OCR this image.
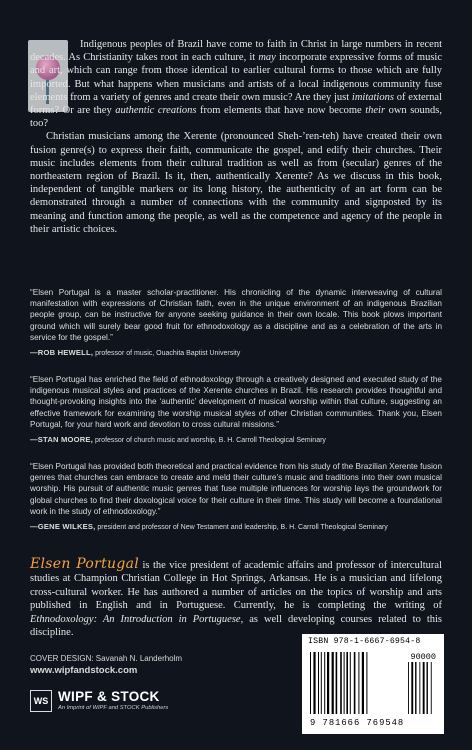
Indigenous peoples of Brazil have come to faith in Christ in large numbers in recent decades. As Christianity takes root in each culture, it may incorporate expressive forms of music and art, which can range from those identical to earlier cultural forms to those which are fully imported. But what happens when musicians and artists of a local indigenous community fuse elements from a variety of genres and create their own music? Are they just imitations of external forms? Or are they authentic creations from elements that have now become their own sounds, too?

Christian musicians among the Xerente (pronounced Sheh-’ren-teh) have created their own fusion genre(s) to express their faith, communicate the gospel, and edify their churches. Their music includes elements from their cultural tradition as well as from (secular) genres of the northeastern region of Brazil. Is it, then, authentically Xerente? As we discuss in this book, independent of tangible markers or its long history, the authenticity of an art form can be demonstrated through a number of connections with the community and signposted by its meaning and function among the people, as well as the competence and agency of the people in their artistic choices.

“Elsen Portugal is a master scholar-practitioner. His chronicling of the dynamic interweaving of cultural manifestation with expressions of Christian faith, even in the unique environment of an indigenous Brazilian people group, can be instructive for anyone seeking guidance in their own locale. This book plows important ground which will surely bear good fruit for ethnodoxology as a discipline and as a celebration of the arts in service for the gospel.”

—ROB HEWELL, professor of music, Ouachita Baptist University

“Elsen Portugal has enriched the field of ethnodoxology through a creatively designed and executed study of the indigenous musical styles and practices of the Xerente churches in Brazil. His research provides thoughtful and thought-provoking insights into the ‘authentic’ development of musical worship within that culture, suggesting an effective framework for examining the worship musical styles of other Christian communities. Thank you, Elsen Portugal, for your hard work and devotion to cross cultural missions.”

—STAN MOORE, professor of church music and worship, B. H. Carroll Theological Seminary

“Elsen Portugal has provided both theoretical and practical evidence from his study of the Brazilian Xerente fusion genres that churches can embrace to create and meld their culture’s music and traditions into their own musical worship. His pursuit of authentic music genres that fuse multiple influences for worship lays the groundwork for global churches to find their doxological voice for their culture in their time. This study will become a foundational work in the study of ethnodoxology.”

—GENE WILKES, president and professor of New Testament and leadership, B. H. Carroll Theological Seminary

Elsen Portugal is the vice president of academic affairs and professor of intercultural studies at Champion Christian College in Hot Springs, Arkansas. He is a musician and lifelong cross-cultural worker. He has authored a number of articles on the topics of worship and arts published in English and in Portuguese. Currently, he is completing the writing of Ethnodoxology: An Introduction in Portuguese, as well developing courses related to this discipline.

COVER DESIGN: Savanah N. Landerholm
www.wipfandstock.com
WS WIPF & STOCK
An Imprint of WIPF and STOCK Publishers
ISBN 978-1-6667-6954-8
90000
9 781666 769548
